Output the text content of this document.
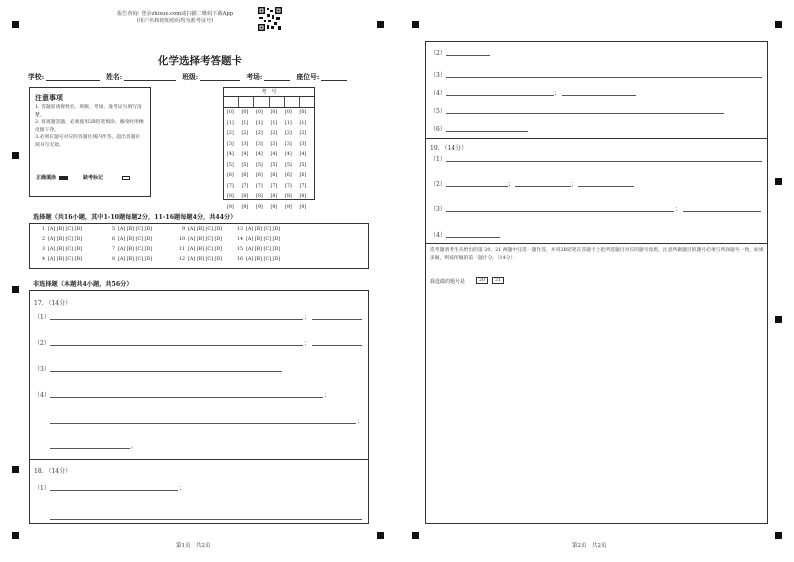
报告查询: 登录zhixue.com或扫描二维码下载App
(用户名和初始密码均为准考证号)
化学选择考答题卡
学校:	姓名:	班级:	考场:	座位号:
注意事项
1. 答题前请将姓名、班级、考场、准考证号填写清楚。
2. 客观题答题，必须使用2B铅笔填涂，修改时用橡皮擦干净。
3.必须在题号对应的答题区域内作答，超出答题区域书写无效。
正确填涂	缺考标记
考　号
[0]	[0]	[0]	[0]	[0]	[0]
[1]	[1]	[1]	[1]	[1]	[1]
[2]	[2]	[2]	[2]	[2]	[2]
[3]	[3]	[3]	[3]	[3]	[3]
[4]	[4]	[4]	[4]	[4]	[4]
[5]	[5]	[5]	[5]	[5]	[5]
[6]	[6]	[6]	[6]	[6]	[6]
[7]	[7]	[7]	[7]	[7]	[7]
[8]	[8]	[8]	[8]	[8]	[8]
[9]	[9]	[9]	[9]	[9]	[9]
选择题（共16小题，其中1-10题每题2分，11-16题每题4分，共44分）
1 [A] [B] [C] [D]
2 [A] [B] [C] [D]
3 [A] [B] [C] [D]
4 [A] [B] [C] [D]
5 [A] [B] [C] [D]
6 [A] [B] [C] [D]
7 [A] [B] [C] [D]
8 [A] [B] [C] [D]
9 [A] [B] [C] [D]
10 [A] [B] [C] [D]
11 [A] [B] [C] [D]
12 [A] [B] [C] [D]
13 [A] [B] [C] [D]
14 [A] [B] [C] [D]
15 [A] [B] [C] [D]
16 [A] [B] [C] [D]
非选择题（本题共4小题，共56分）
17. （14分）
（1）	；
（2）	；
（3）
（4）	；
；
。
18. （14分）
（1）	；
第1页　共2页
（2）
（3）
（4）	；
（5）
（6）
19. （14分）
（1）
（2）	；	；
（3）	；
（4）
选考题请考生从给出的第 20、21 两题中任选一题作答，并用2B铅笔在答题卡上把所选题目对应的题号涂黑，注意所做题目的题号必须与所涂题号一致，如果多做，则按所做的第一题计分。（14分）
我选做的题号是	20	21
第2页　共2页
